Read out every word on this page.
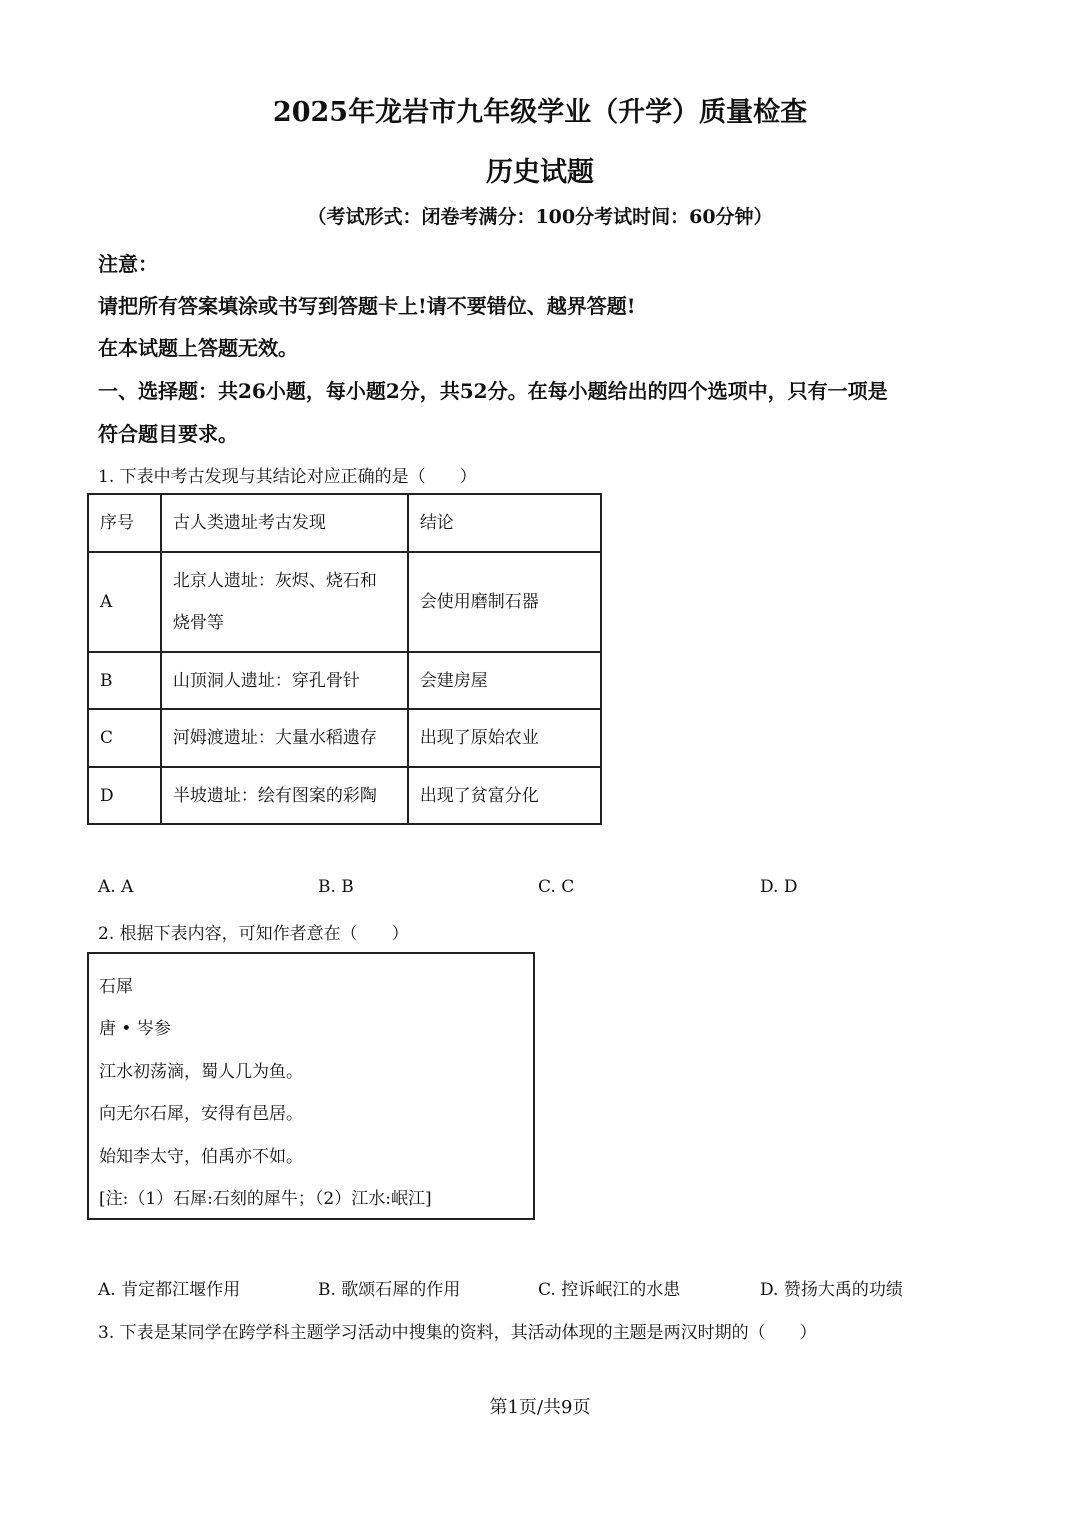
2025年龙岩市九年级学业（升学）质量检查
历史试题
（考试形式：闭卷考满分：100分考试时间：60分钟）
注意：
请把所有答案填涂或书写到答题卡上!请不要错位、越界答题!
在本试题上答题无效。
一、选择题：共26小题，每小题2分，共52分。在每小题给出的四个选项中，只有一项是
符合题目要求。
1. 下表中考古发现与其结论对应正确的是（　　）
序号	古人类遗址考古发现	结论
A	北京人遗址：灰烬、烧石和
烧骨等	会使用磨制石器
B	山顶洞人遗址：穿孔骨针	会建房屋
C	河姆渡遗址：大量水稻遗存	出现了原始农业
D	半坡遗址：绘有图案的彩陶	出现了贫富分化
A. A	B. B	C. C	D. D
2. 根据下表内容，可知作者意在（　　）
石犀
唐 • 岑参
江水初荡滴，蜀人几为鱼。
向无尔石犀，安得有邑居。
始知李太守，伯禹亦不如。
[注:（1）石犀:石刻的犀牛；（2）江水:岷江]
A. 肯定都江堰作用	B. 歌颂石犀的作用	C. 控诉岷江的水患	D. 赞扬大禹的功绩
3. 下表是某同学在跨学科主题学习活动中搜集的资料，其活动体现的主题是两汉时期的（　　）
第1页/共9页
